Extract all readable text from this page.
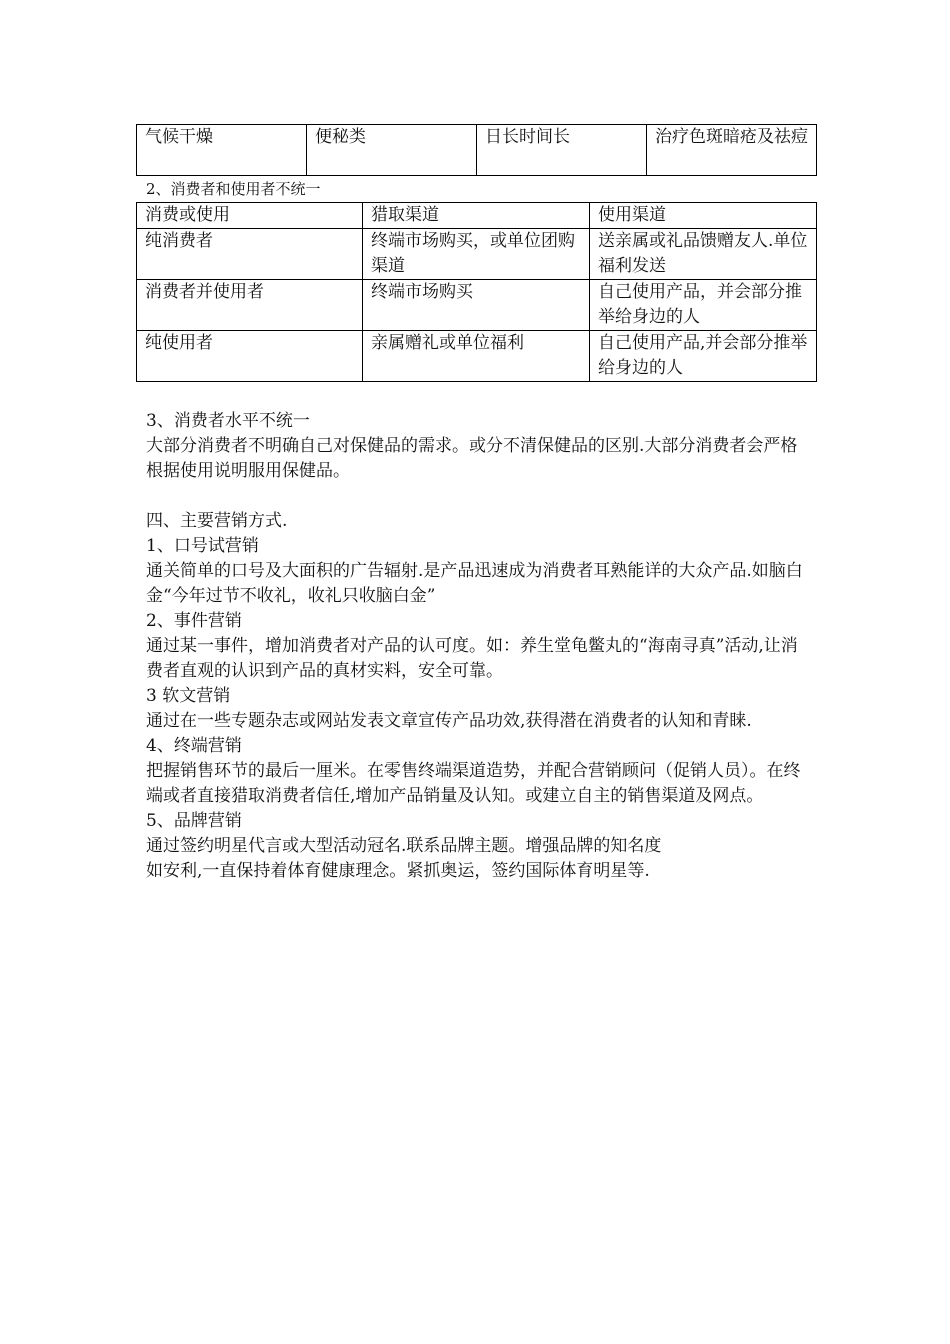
气候干燥	便秘类	日长时间长	治疗色斑暗疮及祛痘

2、消费者和使用者不统一

消费或使用	猎取渠道	使用渠道
纯消费者	终端市场购买，或单位团购渠道	送亲属或礼品馈赠友人.单位福利发送
消费者并使用者	终端市场购买	自己使用产品，并会部分推举给身边的人
纯使用者	亲属赠礼或单位福利	自己使用产品,并会部分推举给身边的人

3、消费者水平不统一

大部分消费者不明确自己对保健品的需求。或分不清保健品的区别.大部分消费者会严格根据使用说明服用保健品。

四、主要营销方式.

1、口号试营销

通关简单的口号及大面积的广告辐射.是产品迅速成为消费者耳熟能详的大众产品.如脑白金“今年过节不收礼，收礼只收脑白金”

2、事件营销

通过某一事件，增加消费者对产品的认可度。如：养生堂龟鳖丸的“海南寻真”活动,让消费者直观的认识到产品的真材实料，安全可靠。

3 软文营销

通过在一些专题杂志或网站发表文章宣传产品功效,获得潜在消费者的认知和青睐.

4、终端营销

把握销售环节的最后一厘米。在零售终端渠道造势，并配合营销顾问（促销人员）。在终端或者直接猎取消费者信任,增加产品销量及认知。或建立自主的销售渠道及网点。

5、品牌营销

通过签约明星代言或大型活动冠名.联系品牌主题。增强品牌的知名度

如安利,一直保持着体育健康理念。紧抓奥运，签约国际体育明星等.
